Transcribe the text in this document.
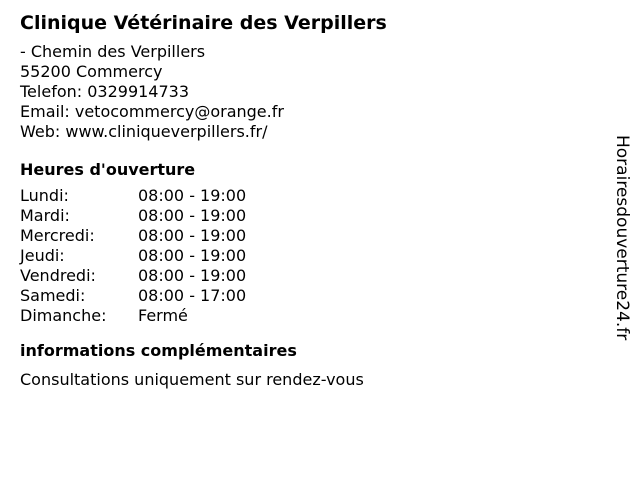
Clinique Vétérinaire des Verpillers
- Chemin des Verpillers
55200 Commercy
Telefon: 0329914733
Email: vetocommercy@orange.fr
Web: www.cliniqueverpillers.fr/
Heures d'ouverture
Lundi:	08:00 - 19:00
Mardi:	08:00 - 19:00
Mercredi:	08:00 - 19:00
Jeudi:	08:00 - 19:00
Vendredi:	08:00 - 19:00
Samedi:	08:00 - 17:00
Dimanche:	Fermé
informations complémentaires
Consultations uniquement sur rendez-vous
Horairesdouverture24.fr
